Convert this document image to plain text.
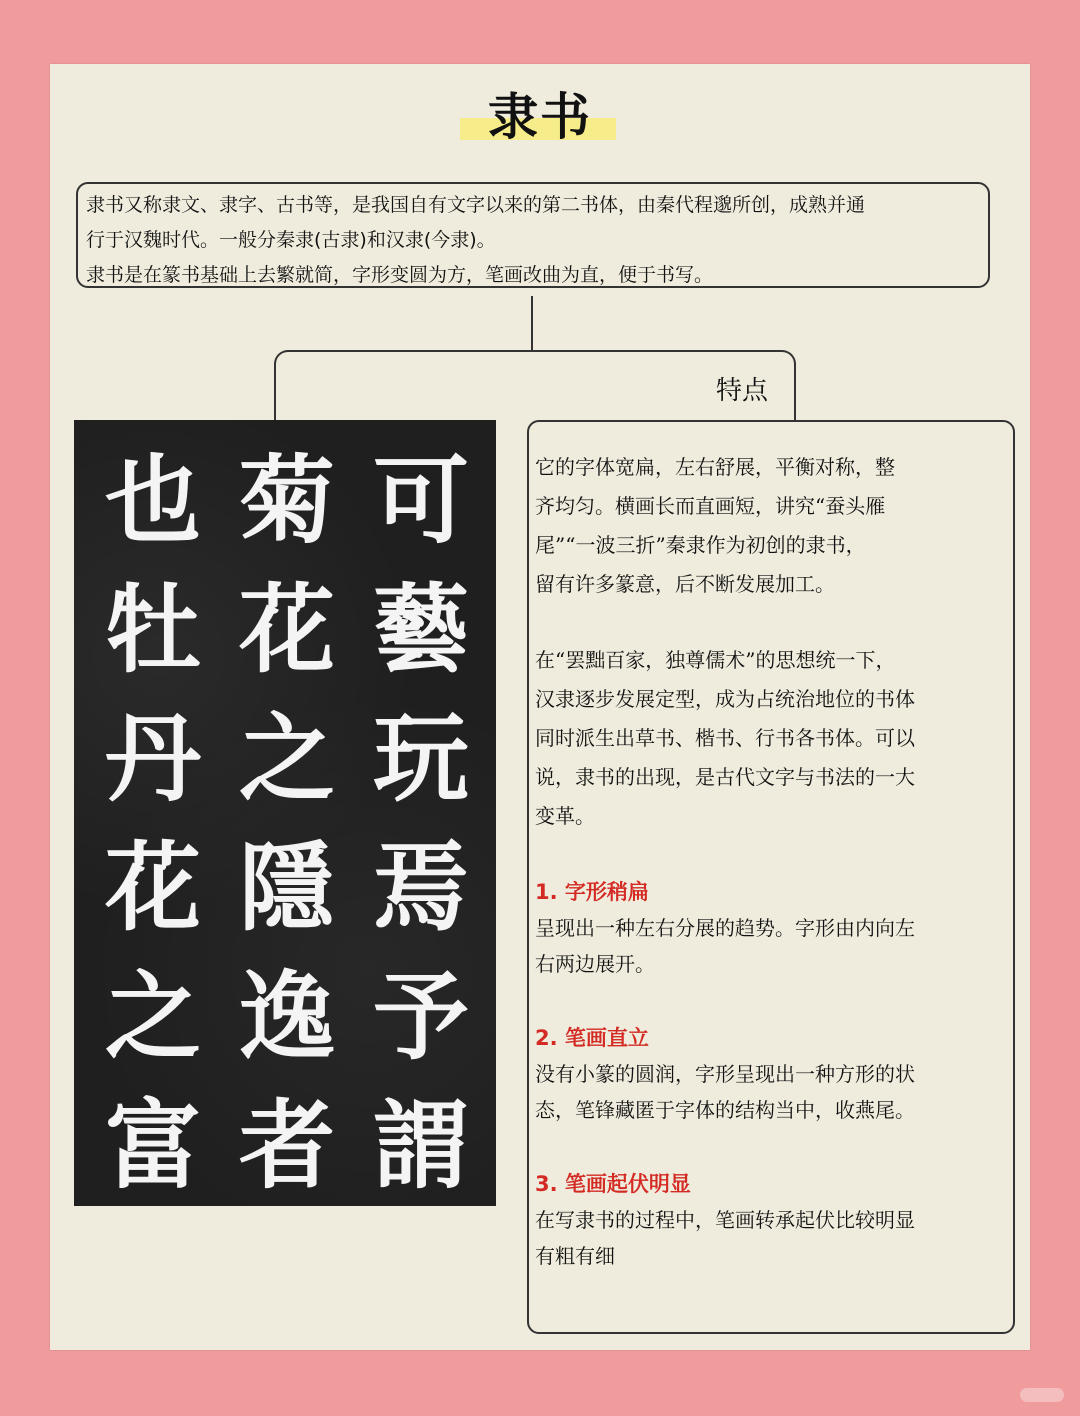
隶书

隶书又称隶文、隶字、古书等，是我国自有文字以来的第二书体，由秦代程邈所创，成熟并通

行于汉魏时代。一般分秦隶(古隶)和汉隶(今隶)。

隶书是在篆书基础上去繁就简，字形变圆为方，笔画改曲为直，便于书写。

特点
也
牡
丹
花
之
富
菊
花
之
隱
逸
者
可
藝
玩
焉
予
謂

它的字体宽扁，左右舒展，平衡对称，整

齐均匀。横画长而直画短，讲究“蚕头雁

尾”“一波三折”秦隶作为初创的隶书，

留有许多篆意，后不断发展加工。

在“罢黜百家，独尊儒术”的思想统一下，

汉隶逐步发展定型，成为占统治地位的书体

同时派生出草书、楷书、行书各书体。可以

说，隶书的出现，是古代文字与书法的一大

变革。

1. 字形稍扁

呈现出一种左右分展的趋势。字形由内向左

右两边展开。

2. 笔画直立

没有小篆的圆润，字形呈现出一种方形的状

态，笔锋藏匿于字体的结构当中，收燕尾。

3. 笔画起伏明显

在写隶书的过程中，笔画转承起伏比较明显

有粗有细
